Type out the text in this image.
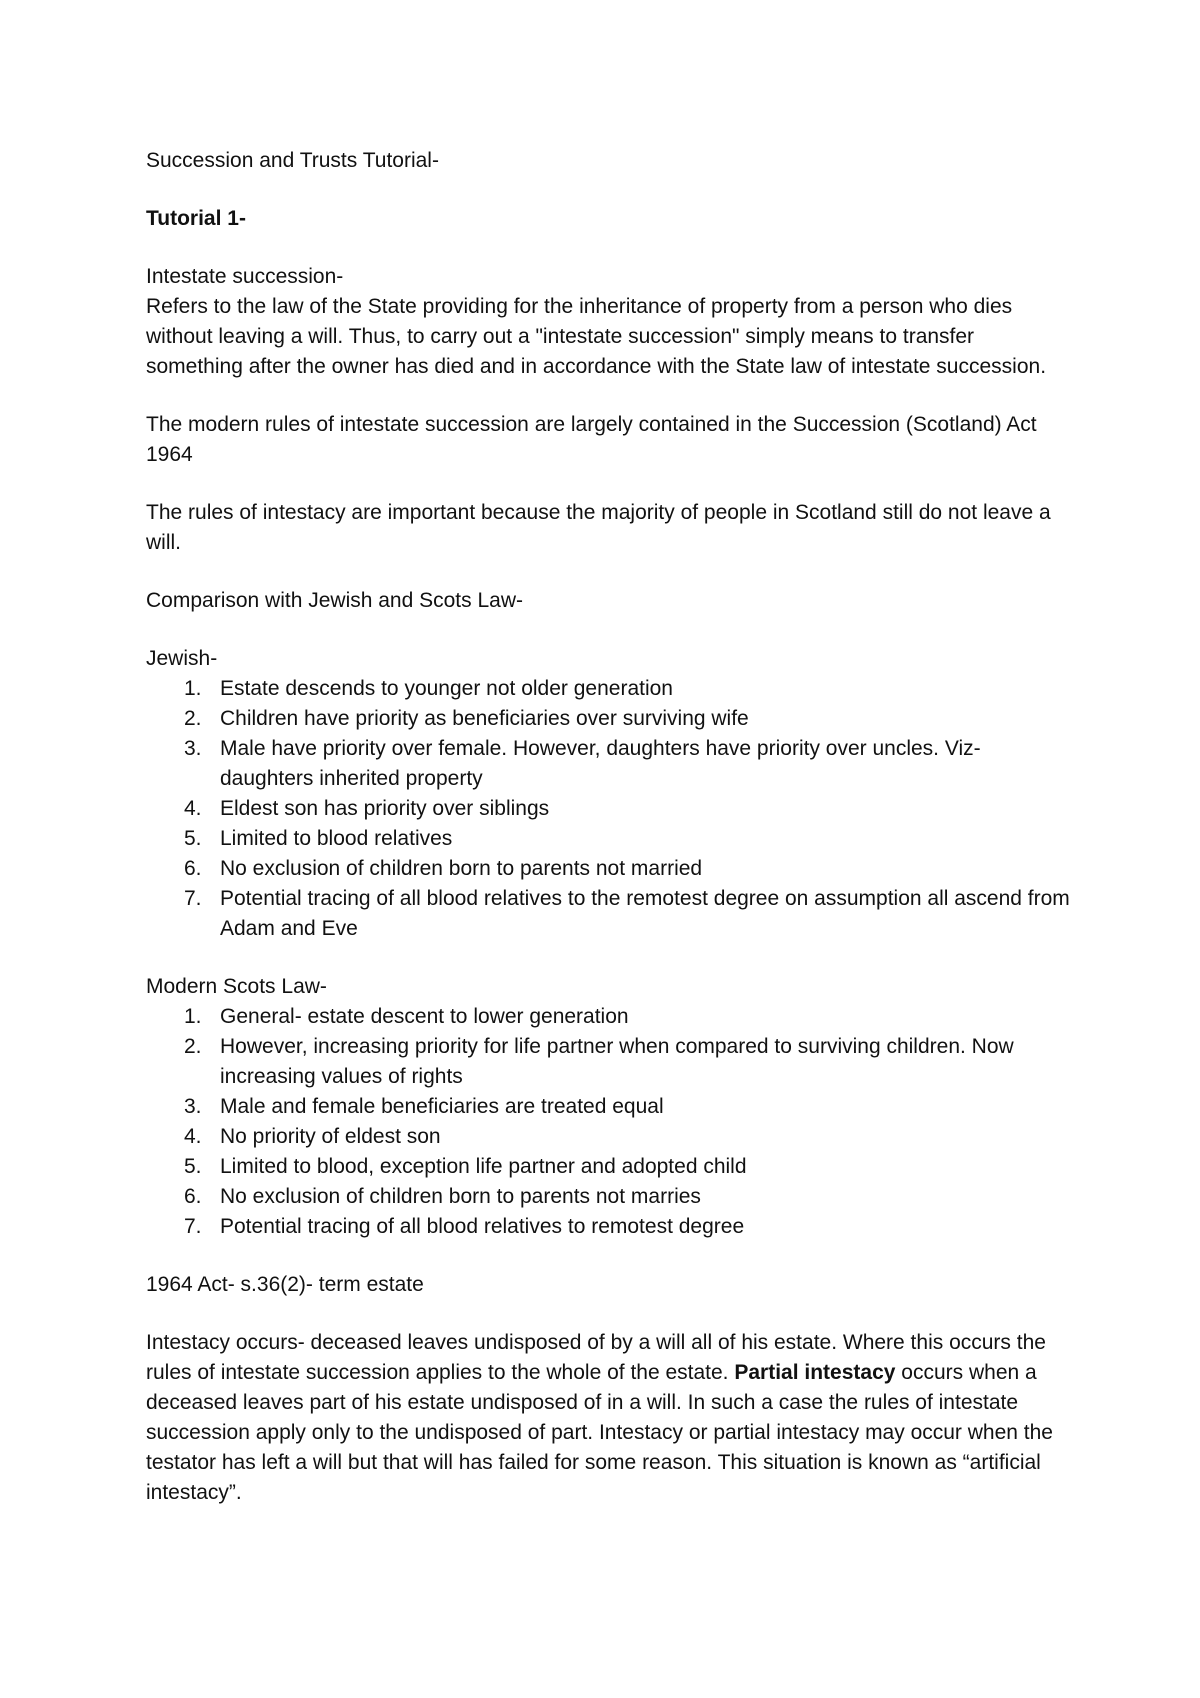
Succession and Trusts Tutorial-

Tutorial 1-

Intestate succession-

Refers to the law of the State providing for the inheritance of property from a person who dies without leaving a will. Thus, to carry out a "intestate succession" simply means to transfer something after the owner has died and in accordance with the State law of intestate succession.

The modern rules of intestate succession are largely contained in the Succession (Scotland) Act 1964

The rules of intestacy are important because the majority of people in Scotland still do not leave a will.

Comparison with Jewish and Scots Law-

Jewish-

1. Estate descends to younger not older generation
2. Children have priority as beneficiaries over surviving wife
3. Male have priority over female. However, daughters have priority over uncles. Viz- daughters inherited property
4. Eldest son has priority over siblings
5. Limited to blood relatives
6. No exclusion of children born to parents not married
7. Potential tracing of all blood relatives to the remotest degree on assumption all ascend from Adam and Eve

Modern Scots Law-

1. General- estate descent to lower generation
2. However, increasing priority for life partner when compared to surviving children. Now increasing values of rights
3. Male and female beneficiaries are treated equal
4. No priority of eldest son
5. Limited to blood, exception life partner and adopted child
6. No exclusion of children born to parents not marries
7. Potential tracing of all blood relatives to remotest degree

1964 Act- s.36(2)- term estate

Intestacy occurs- deceased leaves undisposed of by a will all of his estate. Where this occurs the rules of intestate succession applies to the whole of the estate. Partial intestacy occurs when a deceased leaves part of his estate undisposed of in a will. In such a case the rules of intestate succession apply only to the undisposed of part. Intestacy or partial intestacy may occur when the testator has left a will but that will has failed for some reason. This situation is known as “artificial intestacy”.
